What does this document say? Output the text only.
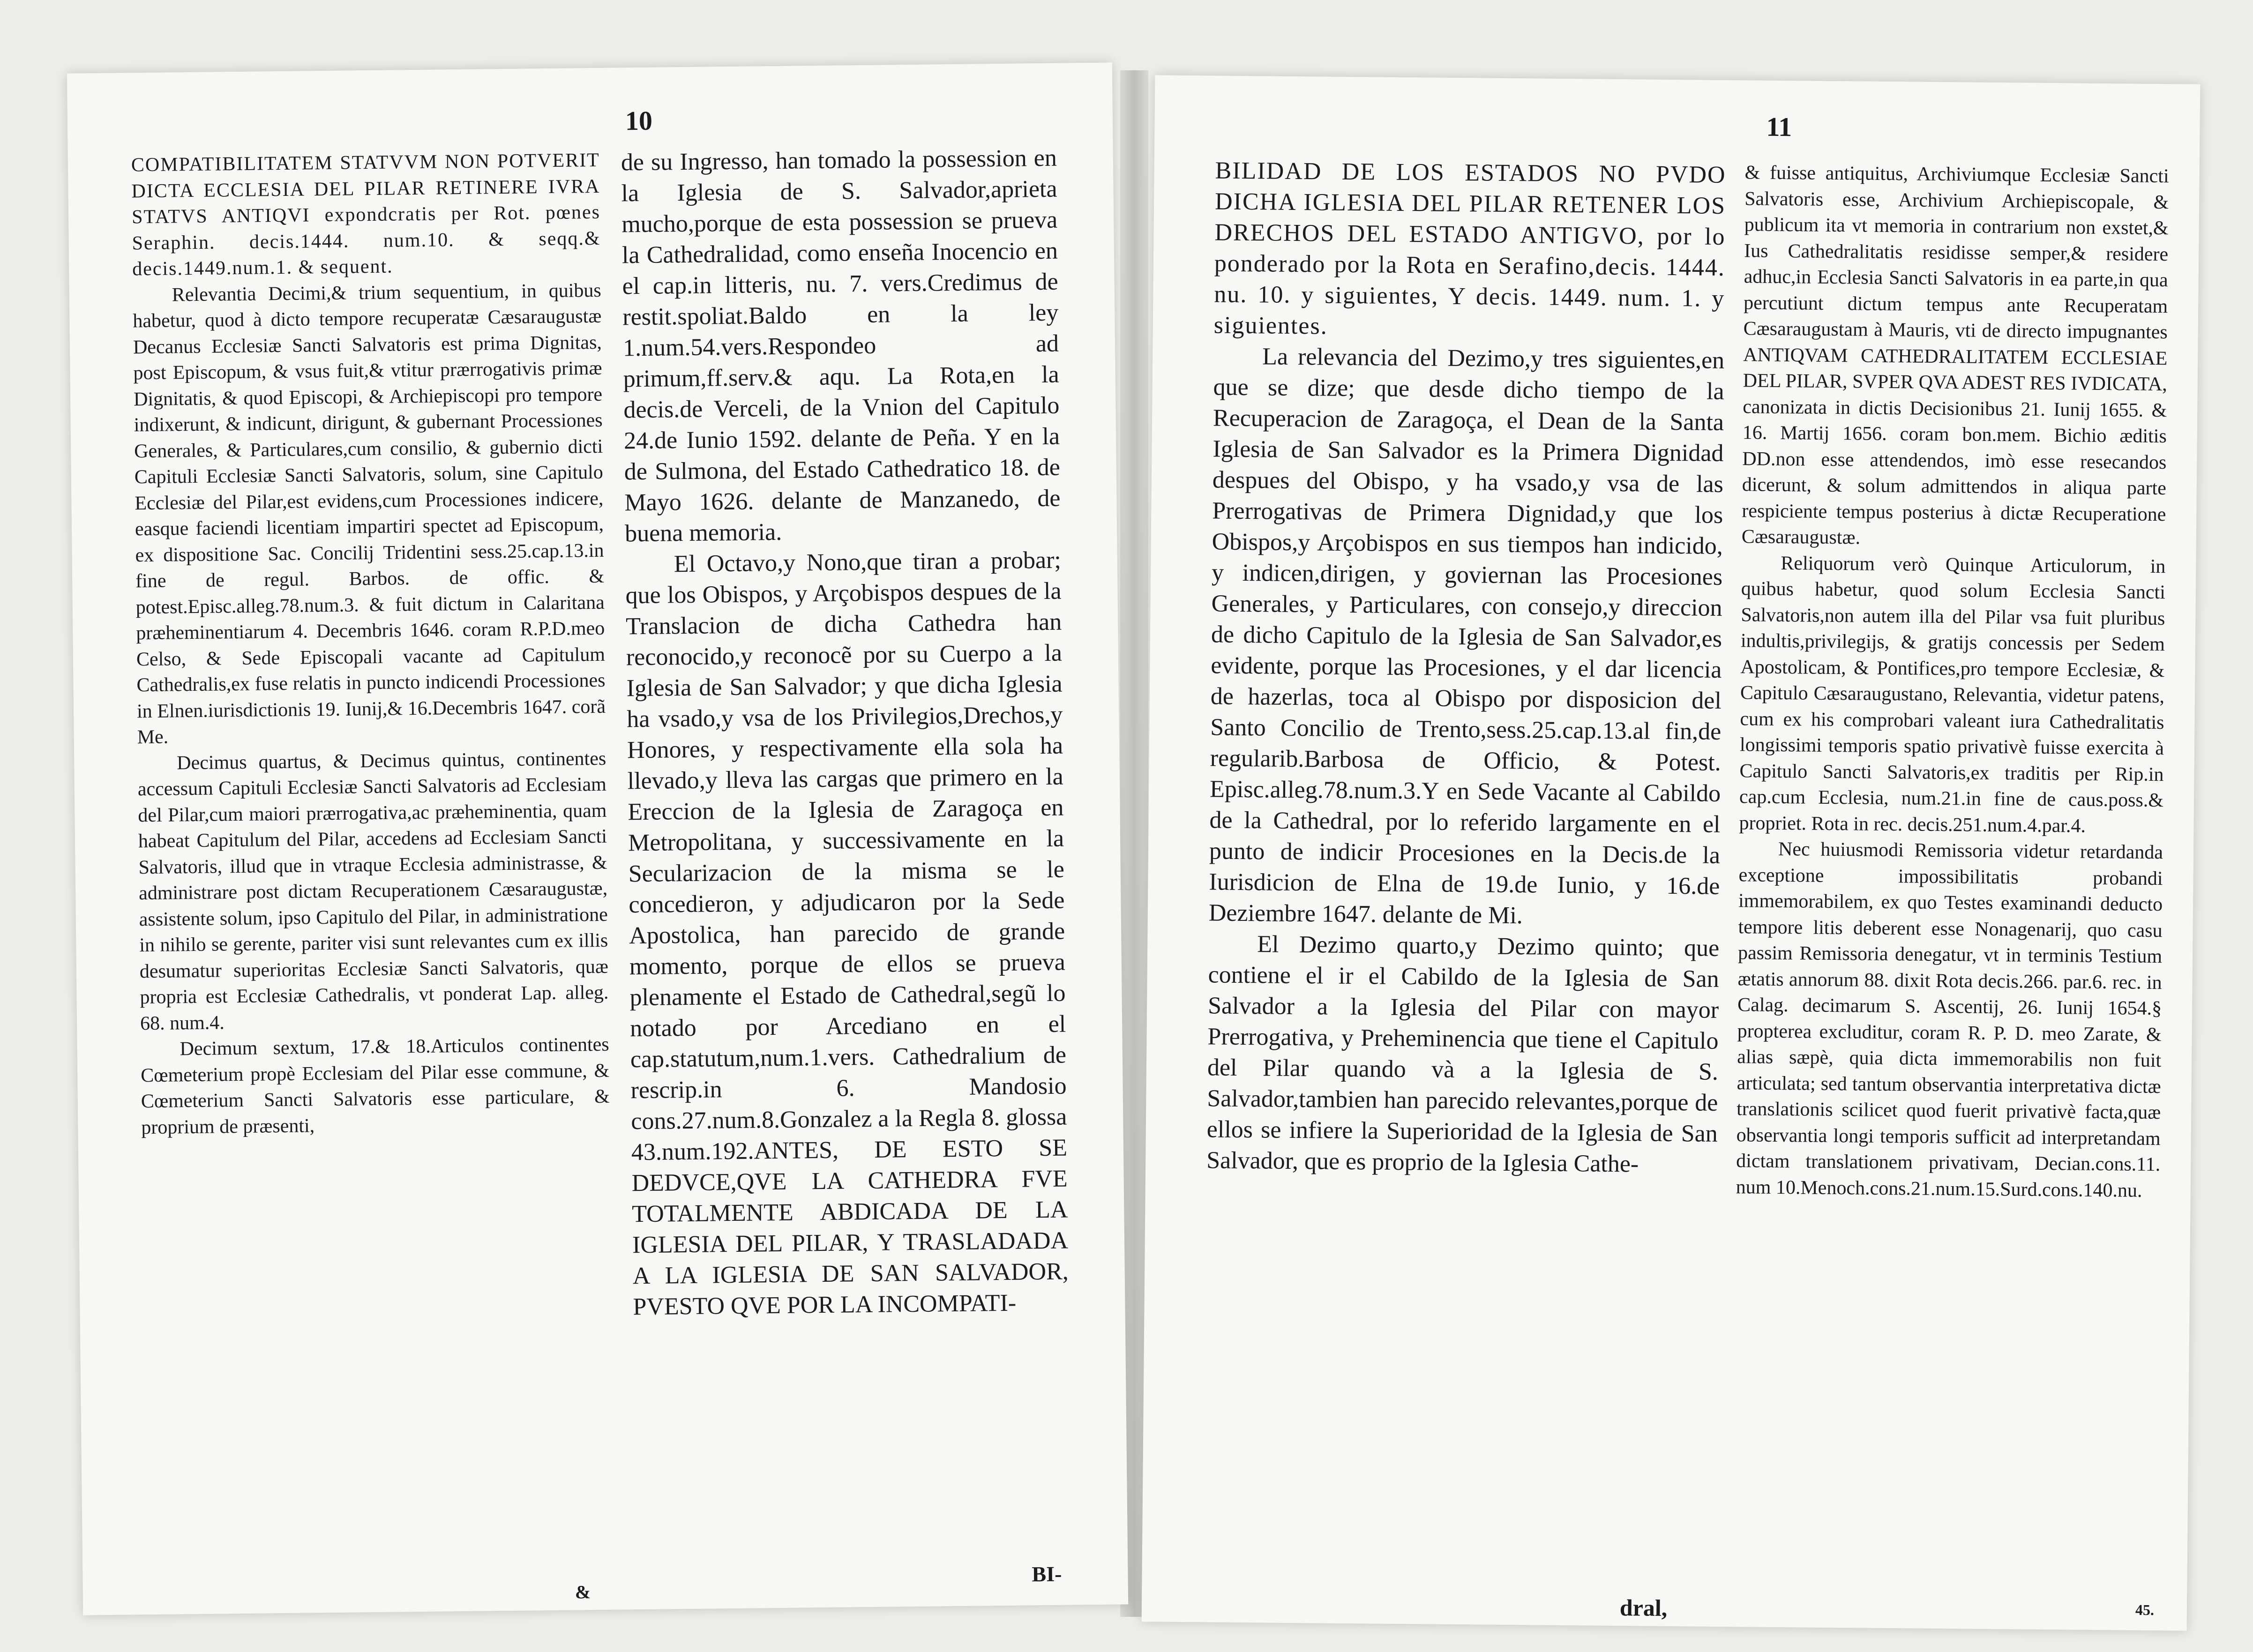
10

COMPATIBILITATEM STATVVM NON POTVERIT DICTA ECCLESIA DEL PILAR RETINERE IVRA STATVS ANTIQVI expondcratis per Rot. pœnes Seraphin. decis.1444. num.10. & seqq.& decis.1449.num.1. & sequent.

Relevantia Decimi,& trium sequentium, in quibus habetur, quod à dicto tempore recuperatæ Cæsaraugustæ Decanus Ecclesiæ Sancti Salvatoris est prima Dignitas, post Episcopum, & vsus fuit,& vtitur prærrogativis primæ Dignitatis, & quod Episcopi, & Archiepiscopi pro tempore indixerunt, & indicunt, dirigunt, & gubernant Processiones Generales, & Particulares,cum consilio, & gubernio dicti Capituli Ecclesiæ Sancti Salvatoris, solum, sine Capitulo Ecclesiæ del Pilar,est evidens,cum Processiones indicere, easque faciendi licentiam impartiri spectet ad Episcopum, ex dispositione Sac. Concilij Tridentini sess.25.cap.13.in fine de regul. Barbos. de offic. & potest.Episc.alleg.78.num.3. & fuit dictum in Calaritana præheminentiarum 4. Decembris 1646. coram R.P.D.meo Celso, & Sede Episcopali vacante ad Capitulum Cathedralis,ex fuse relatis in puncto indicendi Processiones in Elnen.iurisdictionis 19. Iunij,& 16.Decembris 1647. corã Me.

Decimus quartus, & Decimus quintus, continentes accessum Capituli Ecclesiæ Sancti Salvatoris ad Ecclesiam del Pilar,cum maiori prærrogativa,ac præheminentia, quam habeat Capitulum del Pilar, accedens ad Ecclesiam Sancti Salvatoris, illud que in vtraque Ecclesia administrasse, & administrare post dictam Recuperationem Cæsaraugustæ, assistente solum, ipso Capitulo del Pilar, in administratione in nihilo se gerente, pariter visi sunt relevantes cum ex illis desumatur superioritas Ecclesiæ Sancti Salvatoris, quæ propria est Ecclesiæ Cathedralis, vt ponderat Lap. alleg. 68. num.4.

Decimum sextum, 17.& 18.Articulos continentes Cœmeterium propè Ecclesiam del Pilar esse commune, & Cœmeterium Sancti Salvatoris esse particulare, & proprium de præsenti,

&

de su Ingresso, han tomado la possession en la Iglesia de S. Salvador,aprieta mucho,porque de esta possession se prueva la Cathedralidad, como enseña Inocencio en el cap.in litteris, nu. 7. vers.Credimus de restit.spoliat.Baldo en la ley 1.num.54.vers.Respondeo ad primum,ff.serv.& aqu. La Rota,en la decis.de Verceli, de la Vnion del Capitulo 24.de Iunio 1592. delante de Peña. Y en la de Sulmona, del Estado Cathedratico 18. de Mayo 1626. delante de Manzanedo, de buena memoria.

El Octavo,y Nono,que tiran a probar; que los Obispos, y Arçobispos despues de la Translacion de dicha Cathedra han reconocido,y reconocẽ por su Cuerpo a la Iglesia de San Salvador; y que dicha Iglesia ha vsado,y vsa de los Privilegios,Drechos,y Honores, y respectivamente ella sola ha llevado,y lleva las cargas que primero en la Ereccion de la Iglesia de Zaragoça en Metropolitana, y successivamente en la Secularizacion de la misma se le concedieron, y adjudicaron por la Sede Apostolica, han parecido de grande momento, porque de ellos se prueva plenamente el Estado de Cathedral,segũ lo notado por Arcediano en el cap.statutum,num.1.vers. Cathedralium de rescrip.in 6. Mandosio cons.27.num.8.Gonzalez a la Regla 8. glossa 43.num.192.ANTES, DE ESTO SE DEDVCE,QVE LA CATHEDRA FVE TOTALMENTE ABDICADA DE LA IGLESIA DEL PILAR, Y TRASLADADA A LA IGLESIA DE SAN SALVADOR, PVESTO QVE POR LA INCOMPATI-

BI-
11

BILIDAD DE LOS ESTADOS NO PVDO DICHA IGLESIA DEL PILAR RETENER LOS DRECHOS DEL ESTADO ANTIGVO, por lo ponderado por la Rota en Serafino,decis. 1444. nu. 10. y siguientes, Y decis. 1449. num. 1. y siguientes.

La relevancia del Dezimo,y tres siguientes,en que se dize; que desde dicho tiempo de la Recuperacion de Zaragoça, el Dean de la Santa Iglesia de San Salvador es la Primera Dignidad despues del Obispo, y ha vsado,y vsa de las Prerrogativas de Primera Dignidad,y que los Obispos,y Arçobispos en sus tiempos han indicido, y indicen,dirigen, y goviernan las Procesiones Generales, y Particulares, con consejo,y direccion de dicho Capitulo de la Iglesia de San Salvador,es evidente, porque las Procesiones, y el dar licencia de hazerlas, toca al Obispo por disposicion del Santo Concilio de Trento,sess.25.cap.13.al fin,de regularib.Barbosa de Officio, & Potest. Episc.alleg.78.num.3.Y en Sede Vacante al Cabildo de la Cathedral, por lo referido largamente en el punto de indicir Procesiones en la Decis.de la Iurisdicion de Elna de 19.de Iunio, y 16.de Deziembre 1647. delante de Mi.

El Dezimo quarto,y Dezimo quinto; que contiene el ir el Cabildo de la Iglesia de San Salvador a la Iglesia del Pilar con mayor Prerrogativa, y Preheminencia que tiene el Capitulo del Pilar quando và a la Iglesia de S. Salvador,tambien han parecido relevantes,porque de ellos se infiere la Superioridad de la Iglesia de San Salvador, que es proprio de la Iglesia Cathe-

dral,

& fuisse antiquitus, Archiviumque Ecclesiæ Sancti Salvatoris esse, Archivium Archiepiscopale, & publicum ita vt memoria in contrarium non exstet,& Ius Cathedralitatis residisse semper,& residere adhuc,in Ecclesia Sancti Salvatoris in ea parte,in qua percutiunt dictum tempus ante Recuperatam Cæsaraugustam à Mauris, vti de directo impugnantes ANTIQVAM CATHEDRALITATEM ECCLESIAE DEL PILAR, SVPER QVA ADEST RES IVDICATA, canonizata in dictis Decisionibus 21. Iunij 1655. & 16. Martij 1656. coram bon.mem. Bichio æditis DD.non esse attendendos, imò esse resecandos dicerunt, & solum admittendos in aliqua parte respiciente tempus posterius à dictæ Recuperatione Cæsaraugustæ.

Reliquorum verò Quinque Articulorum, in quibus habetur, quod solum Ecclesia Sancti Salvatoris,non autem illa del Pilar vsa fuit pluribus indultis,privilegijs, & gratijs concessis per Sedem Apostolicam, & Pontifices,pro tempore Ecclesiæ, & Capitulo Cæsaraugustano, Relevantia, videtur patens, cum ex his comprobari valeant iura Cathedralitatis longissimi temporis spatio privativè fuisse exercita à Capitulo Sancti Salvatoris,ex traditis per Rip.in cap.cum Ecclesia, num.21.in fine de caus.poss.& propriet. Rota in rec. decis.251.num.4.par.4.

Nec huiusmodi Remissoria videtur retardanda exceptione impossibilitatis probandi immemorabilem, ex quo Testes examinandi deducto tempore litis deberent esse Nonagenarij, quo casu passim Remissoria denegatur, vt in terminis Testium ætatis annorum 88. dixit Rota decis.266. par.6. rec. in Calag. decimarum S. Ascentij, 26. Iunij 1654.§ propterea excluditur, coram R. P. D. meo Zarate, & alias sæpè, quia dicta immemorabilis non fuit articulata; sed tantum observantia interpretativa dictæ translationis scilicet quod fuerit privativè facta,quæ observantia longi temporis sufficit ad interpretandam dictam translationem privativam, Decian.cons.11. num 10.Menoch.cons.21.num.15.Surd.cons.140.nu.

45.
